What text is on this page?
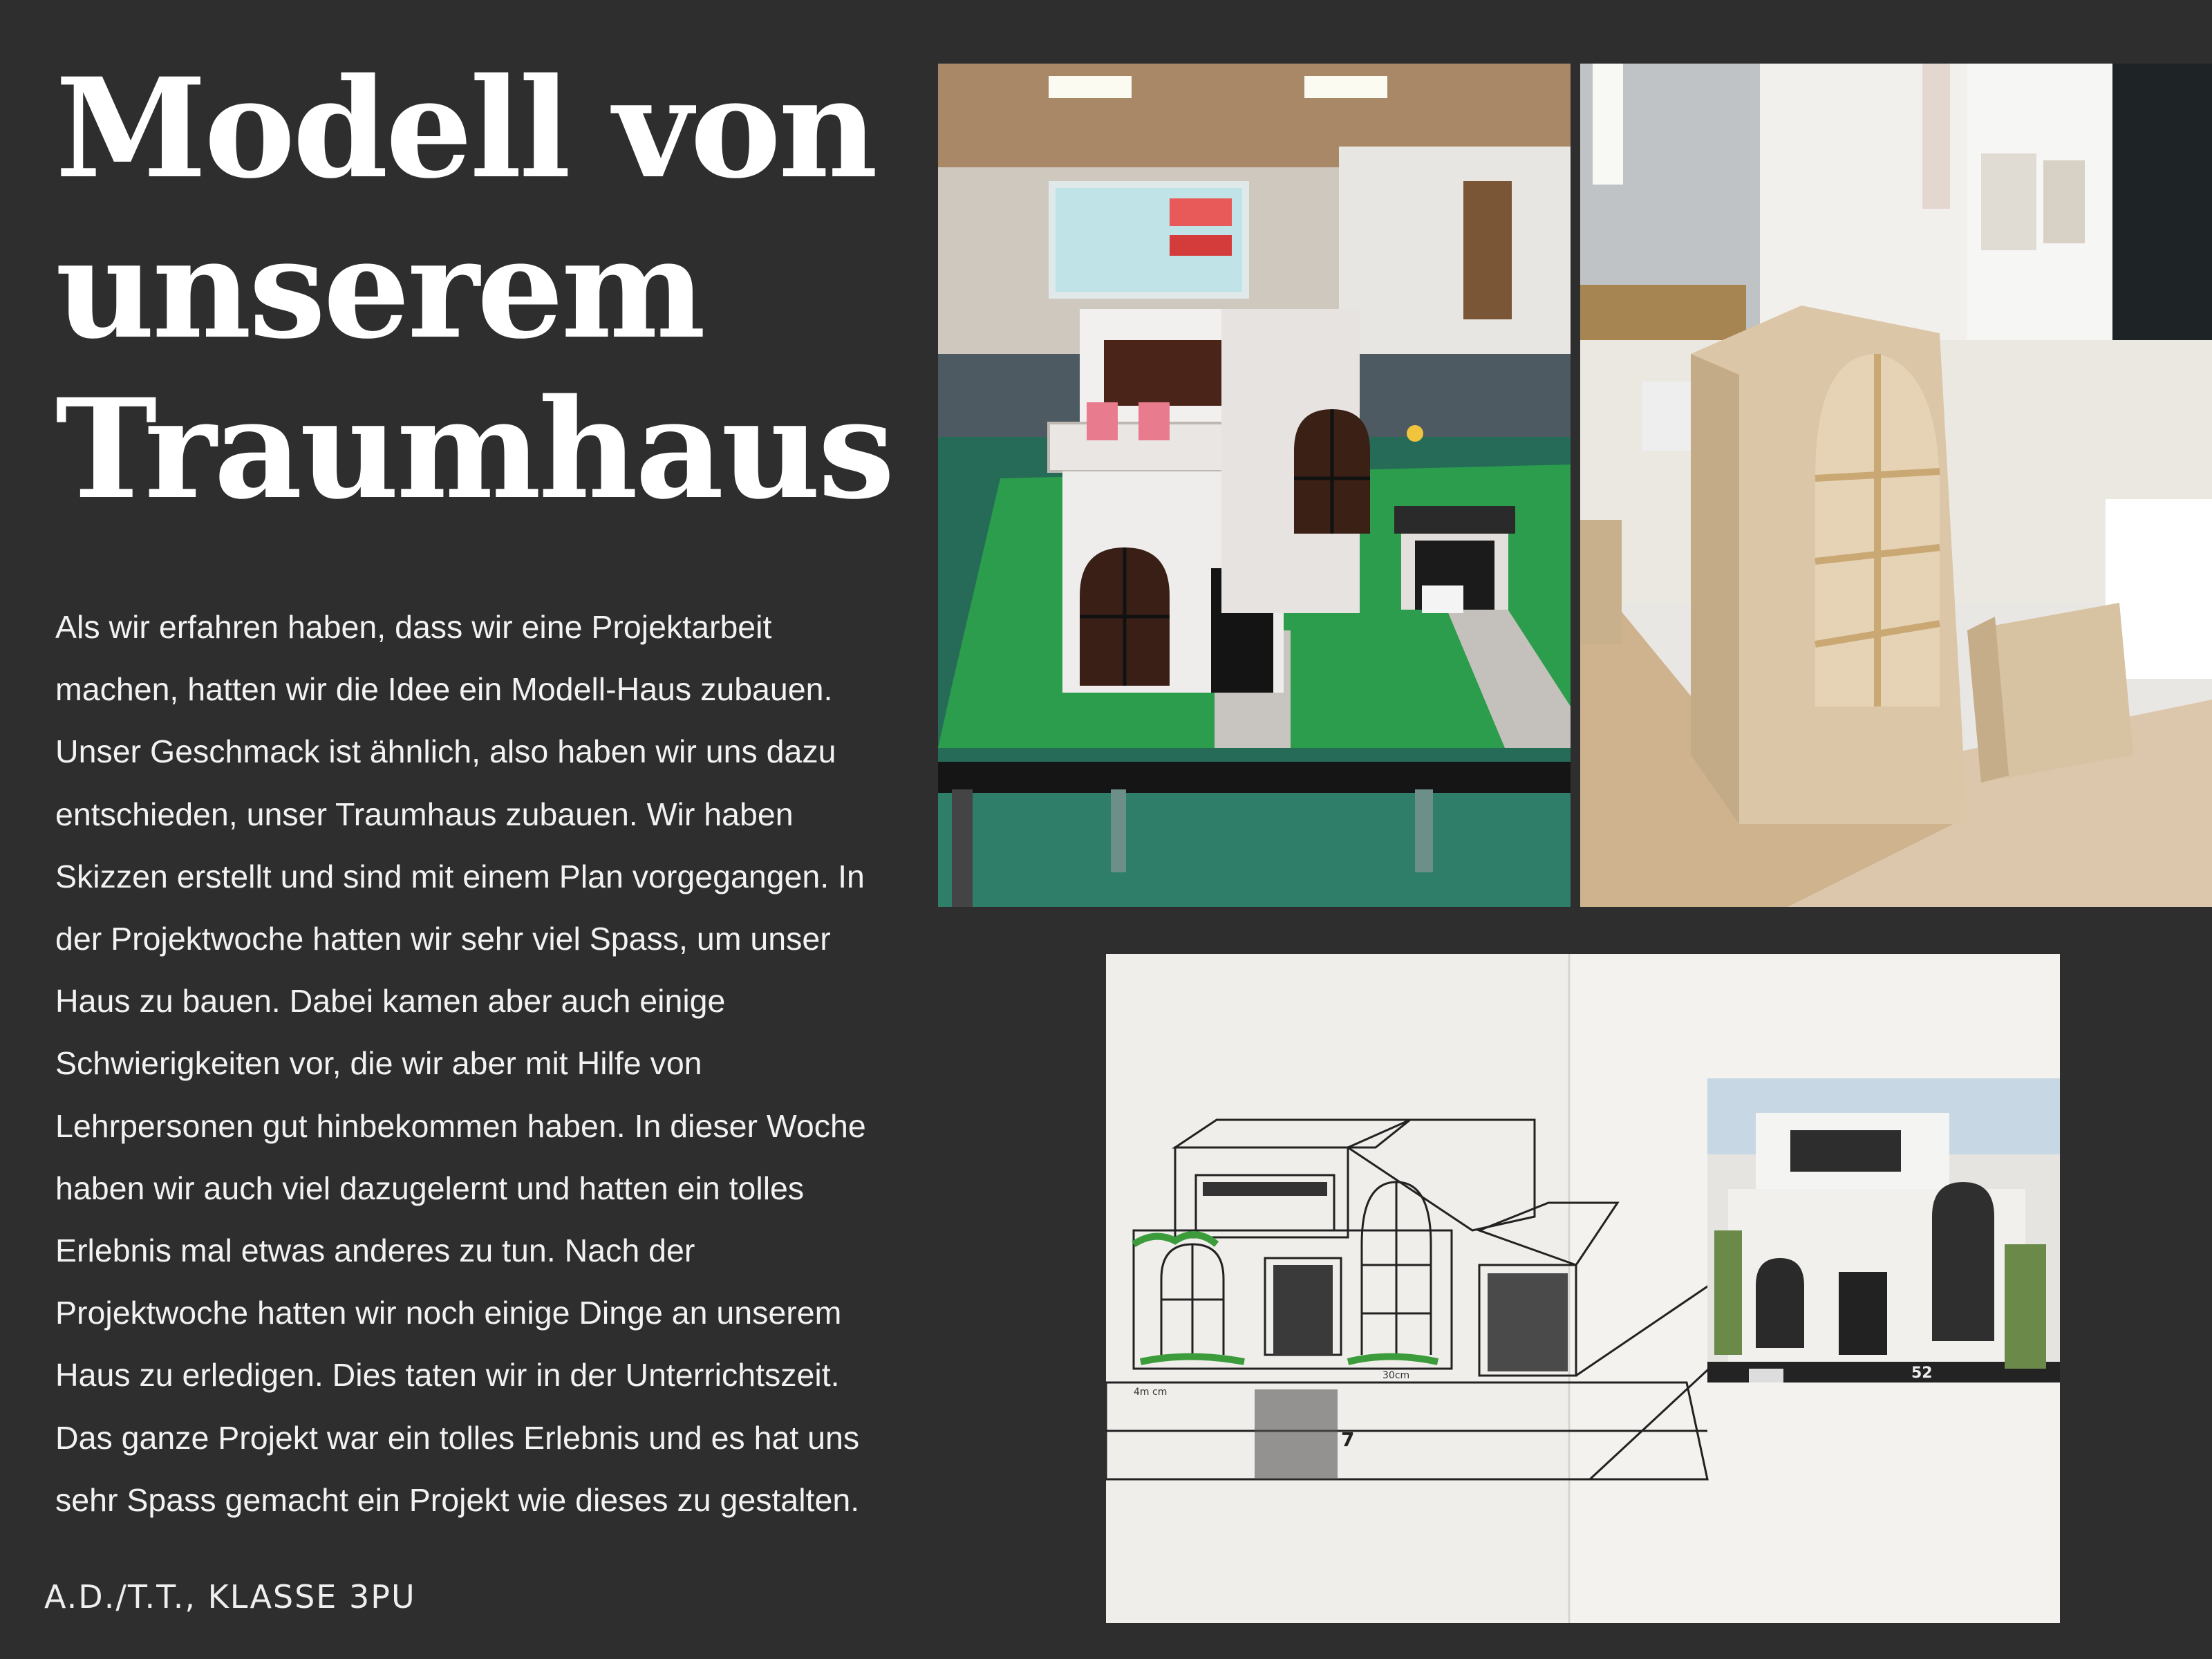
Modell von
unserem
Traumhaus
Als wir erfahren haben, dass wir eine Projektarbeit
machen, hatten wir die Idee ein Modell-Haus zubauen.
Unser Geschmack ist ähnlich, also haben wir uns dazu
entschieden, unser Traumhaus zubauen. Wir haben
Skizzen erstellt und sind mit einem Plan vorgegangen. In
der Projektwoche hatten wir sehr viel Spass, um unser
Haus zu bauen. Dabei kamen aber auch einige
Schwierigkeiten vor, die wir aber mit Hilfe von
Lehrpersonen gut hinbekommen haben. In dieser Woche
haben wir auch viel dazugelernt und hatten ein tolles
Erlebnis mal etwas anderes zu tun. Nach der
Projektwoche hatten wir noch einige Dinge an unserem
Haus zu erledigen. Dies taten wir in der Unterrichtszeit.
Das ganze Projekt war ein tolles Erlebnis und es hat uns
sehr Spass gemacht ein Projekt wie dieses zu gestalten.
A.D./T.T., KLASSE 3PU
4m cm
30cm
7
52
